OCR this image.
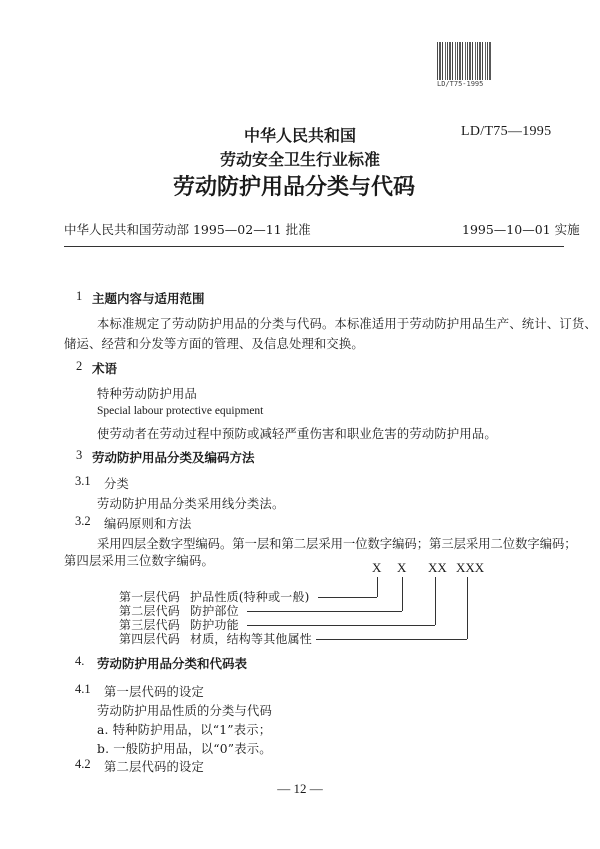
LD/T75-1995
中华人民共和国
劳动安全卫生行业标准
劳动防护用品分类与代码
LD/T75—1995
中华人民共和国劳动部 1995—02—11 批准	1995—10—01 实施
1 主题内容与适用范围
本标准规定了劳动防护用品的分类与代码。本标准适用于劳动防护用品生产、统计、订货、
储运、经营和分发等方面的管理、及信息处理和交换。
2 术语
特种劳动防护用品
Special labour protective equipment
使劳动者在劳动过程中预防或减轻严重伤害和职业危害的劳动防护用品。
3 劳动防护用品分类及编码方法
3.1 分类
劳动防护用品分类采用线分类法。
3.2 编码原则和方法
采用四层全数字型编码。第一层和第二层采用一位数字编码；第三层采用二位数字编码；
第四层采用三位数字编码。	X X XX XXX
第一层代码 护品性质(特种或一般)
第二层代码 防护部位
第三层代码 防护功能
第四层代码 材质，结构等其他属性
4. 劳动防护用品分类和代码表
4.1 第一层代码的设定
劳动防护用品性质的分类与代码
a. 特种防护用品，以“1”表示；
b. 一般防护用品，以“0”表示。
4.2 第二层代码的设定
— 12 —
